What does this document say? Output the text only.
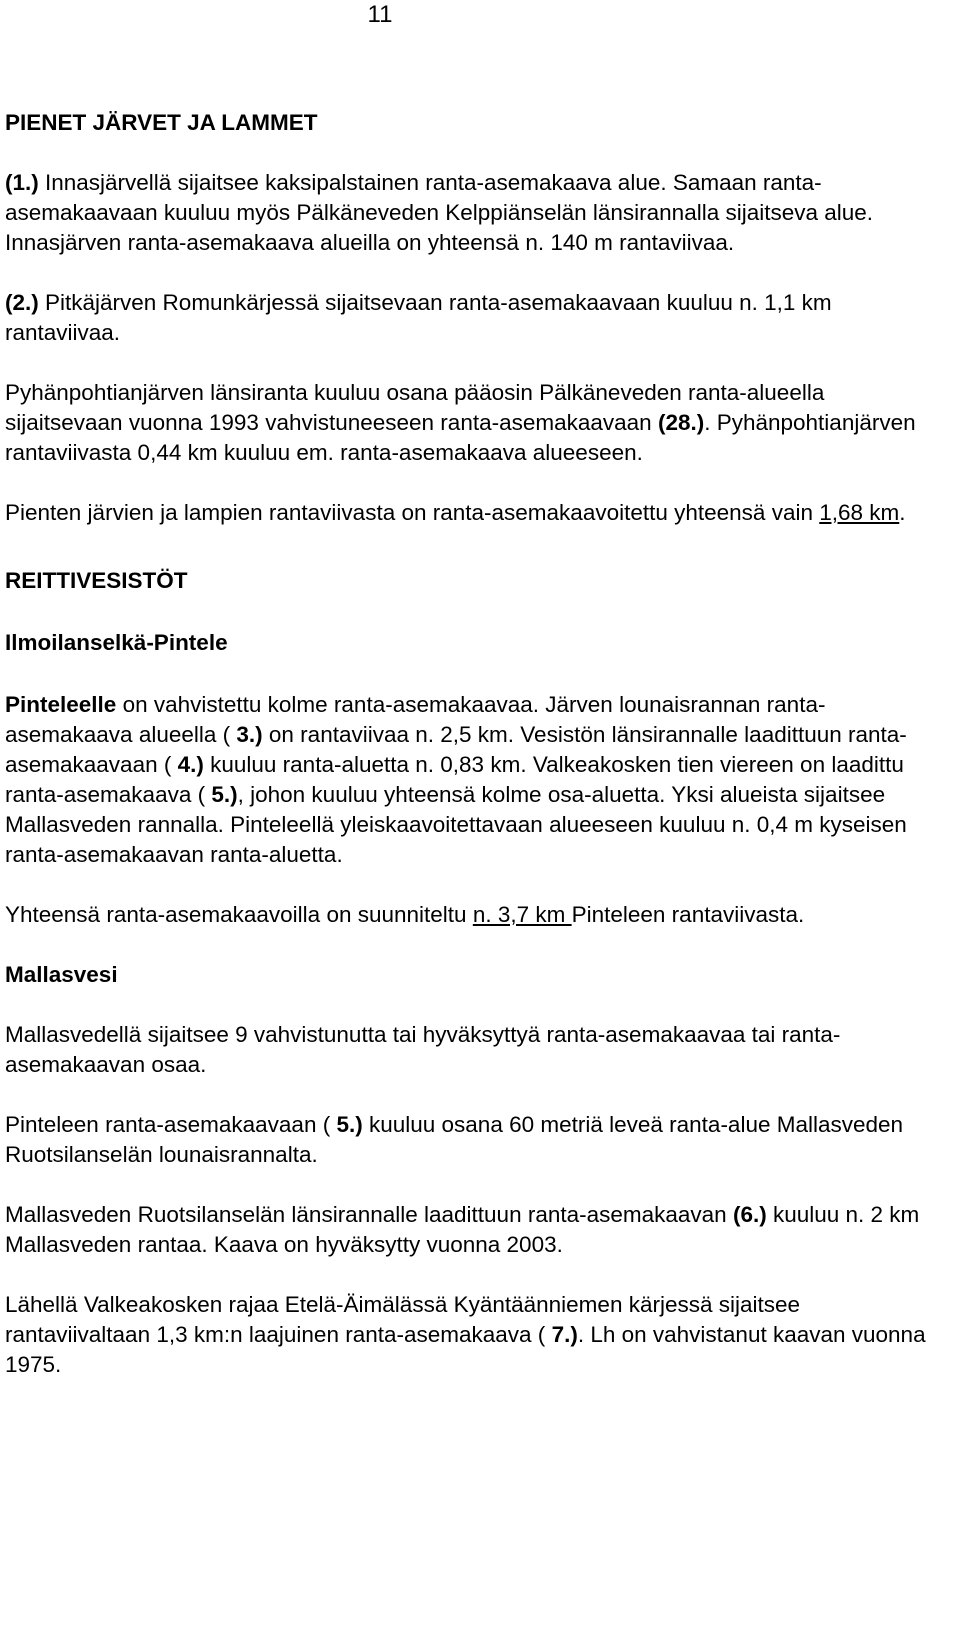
11
PIENET JÄRVET JA LAMMET

(1.) Innasjärvellä sijaitsee kaksipalstainen ranta-asemakaava alue. Samaan ranta-asemakaavaan kuuluu myös Pälkäneveden Kelppiänselän länsirannalla sijaitseva alue. Innasjärven ranta-asemakaava alueilla on yhteensä n. 140 m rantaviivaa.

(2.) Pitkäjärven Romunkärjessä sijaitsevaan ranta-asemakaavaan kuuluu n. 1,1 km rantaviivaa.

Pyhänpohtianjärven länsiranta kuuluu osana pääosin Pälkäneveden ranta-alueella sijaitsevaan vuonna 1993 vahvistuneeseen ranta-asemakaavaan (28.). Pyhänpohtianjärven rantaviivasta 0,44 km kuuluu em. ranta-asemakaava alueeseen.

Pienten järvien ja lampien rantaviivasta on ranta-asemakaavoitettu yhteensä vain 1,68 km.

REITTIVESISTÖT
Ilmoilanselkä-Pintele

Pinteleelle on vahvistettu kolme ranta-asemakaavaa. Järven lounaisrannan ranta-asemakaava alueella ( 3.) on rantaviivaa n. 2,5 km. Vesistön länsirannalle laadittuun ranta-asemakaavaan ( 4.) kuuluu ranta-aluetta n. 0,83 km. Valkeakosken tien viereen on laadittu ranta-asemakaava ( 5.), johon kuuluu yhteensä kolme osa-aluetta. Yksi alueista sijaitsee Mallasveden rannalla. Pinteleellä yleiskaavoitettavaan alueeseen kuuluu n. 0,4 m kyseisen ranta-asemakaavan ranta-aluetta.

Yhteensä ranta-asemakaavoilla on suunniteltu n. 3,7 km Pinteleen rantaviivasta.

Mallasvesi

Mallasvedellä sijaitsee 9 vahvistunutta tai hyväksyttyä ranta-asemakaavaa tai ranta-asemakaavan osaa.

Pinteleen ranta-asemakaavaan ( 5.) kuuluu osana 60 metriä leveä ranta-alue Mallasveden Ruotsilanselän lounaisrannalta.

Mallasveden Ruotsilanselän länsirannalle laadittuun ranta-asemakaavan (6.) kuuluu n. 2 km Mallasveden rantaa. Kaava on hyväksytty vuonna 2003.

Lähellä Valkeakosken rajaa Etelä-Äimälässä Kyäntäänniemen kärjessä sijaitsee rantaviivaltaan 1,3 km:n laajuinen ranta-asemakaava ( 7.). Lh on vahvistanut kaavan vuonna 1975.
